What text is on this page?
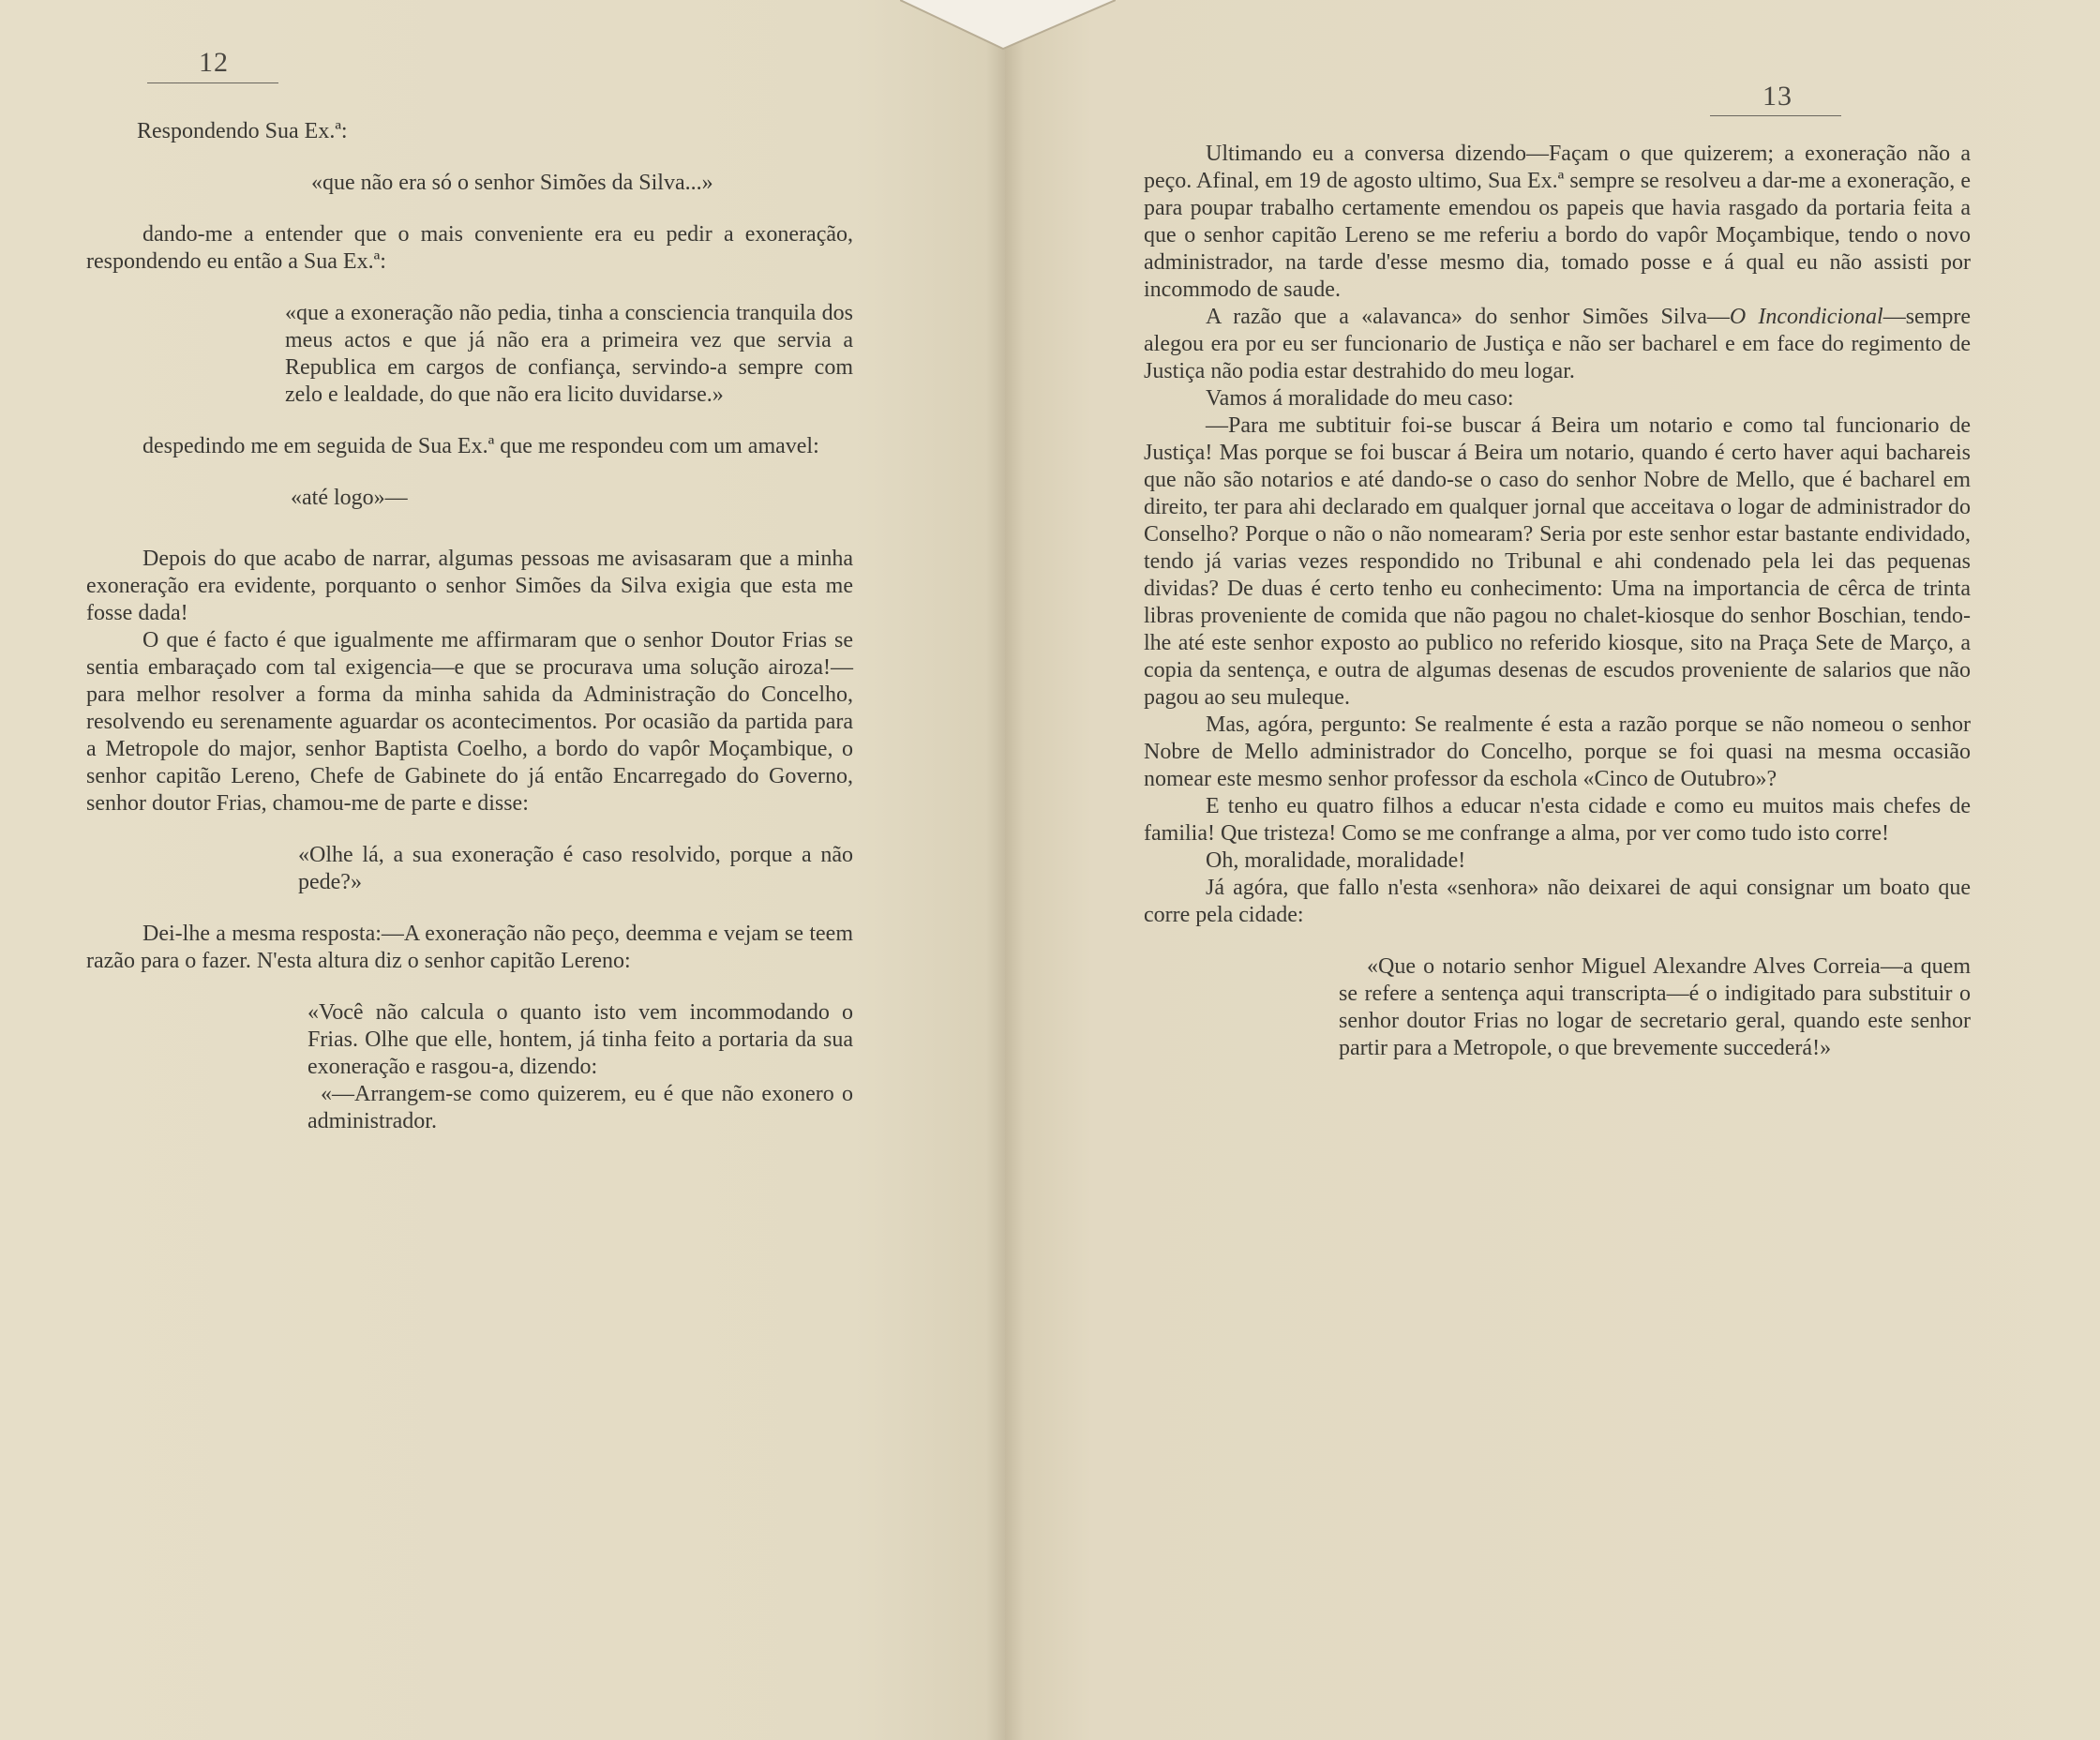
12

Respondendo Sua Ex.ª:

«que não era só o senhor Simões da Silva...»

dando-me a entender que o mais conveniente era eu pedir a exoneração, respondendo eu então a Sua Ex.ª:

«que a exoneração não pedia, tinha a consciencia tranquila dos meus actos e que já não era a primeira vez que servia a Republica em cargos de confiança, servindo-a sempre com zelo e lealdade, do que não era licito duvidarse.»

despedindo me em seguida de Sua Ex.ª que me respondeu com um amavel:

«até logo»—

Depois do que acabo de narrar, algumas pessoas me avisasaram que a minha exoneração era evidente, porquanto o senhor Simões da Silva exigia que esta me fosse dada!

O que é facto é que igualmente me affirmaram que o senhor Doutor Frias se sentia embaraçado com tal exigencia—e que se procurava uma solução airoza!—para melhor resolver a forma da minha sahida da Administração do Concelho, resolvendo eu serenamente aguardar os acontecimentos. Por ocasião da partida para a Metropole do major, senhor Baptista Coelho, a bordo do vapôr Moçambique, o senhor capitão Lereno, Chefe de Gabinete do já então Encarregado do Governo, senhor doutor Frias, chamou-me de parte e disse:

«Olhe lá, a sua exoneração é caso resolvido, porque a não pede?»

Dei-lhe a mesma resposta:—A exoneração não peço, deemma e vejam se teem razão para o fazer. N'esta altura diz o senhor capitão Lereno:

«Você não calcula o quanto isto vem incommodando o Frias. Olhe que elle, hontem, já tinha feito a portaria da sua exoneração e rasgou-a, dizendo:

«—Arrangem-se como quizerem, eu é que não exonero o administrador.

13

Ultimando eu a conversa dizendo—Façam o que quizerem; a exoneração não a peço. Afinal, em 19 de agosto ultimo, Sua Ex.ª sempre se resolveu a dar-me a exoneração, e para poupar trabalho certamente emendou os papeis que havia rasgado da portaria feita a que o senhor capitão Lereno se me referiu a bordo do vapôr Moçambique, tendo o novo administrador, na tarde d'esse mesmo dia, tomado posse e á qual eu não assisti por incommodo de saude.

A razão que a «alavanca» do senhor Simões Silva—O Incondicional—sempre alegou era por eu ser funcionario de Justiça e não ser bacharel e em face do regimento de Justiça não podia estar destrahido do meu logar.

Vamos á moralidade do meu caso:

—Para me subtituir foi-se buscar á Beira um notario e como tal funcionario de Justiça! Mas porque se foi buscar á Beira um notario, quando é certo haver aqui bachareis que não são notarios e até dando-se o caso do senhor Nobre de Mello, que é bacharel em direito, ter para ahi declarado em qualquer jornal que acceitava o logar de administrador do Conselho? Porque o não o não nomearam? Seria por este senhor estar bastante endividado, tendo já varias vezes respondido no Tribunal e ahi condenado pela lei das pequenas dividas? De duas é certo tenho eu conhecimento: Uma na importancia de cêrca de trinta libras proveniente de comida que não pagou no chalet-kiosque do senhor Boschian, tendo-lhe até este senhor exposto ao publico no referido kiosque, sito na Praça Sete de Março, a copia da sentença, e outra de algumas desenas de escudos proveniente de salarios que não pagou ao seu muleque.

Mas, agóra, pergunto: Se realmente é esta a razão porque se não nomeou o senhor Nobre de Mello administrador do Concelho, porque se foi quasi na mesma occasião nomear este mesmo senhor professor da eschola «Cinco de Outubro»?

E tenho eu quatro filhos a educar n'esta cidade e como eu muitos mais chefes de familia! Que tristeza! Como se me confrange a alma, por ver como tudo isto corre!

Oh, moralidade, moralidade!

Já agóra, que fallo n'esta «senhora» não deixarei de aqui consignar um boato que corre pela cidade:

«Que o notario senhor Miguel Alexandre Alves Correia—a quem se refere a sentença aqui transcripta—é o indigitado para substituir o senhor doutor Frias no logar de secretario geral, quando este senhor partir para a Metropole, o que brevemente succederá!»
